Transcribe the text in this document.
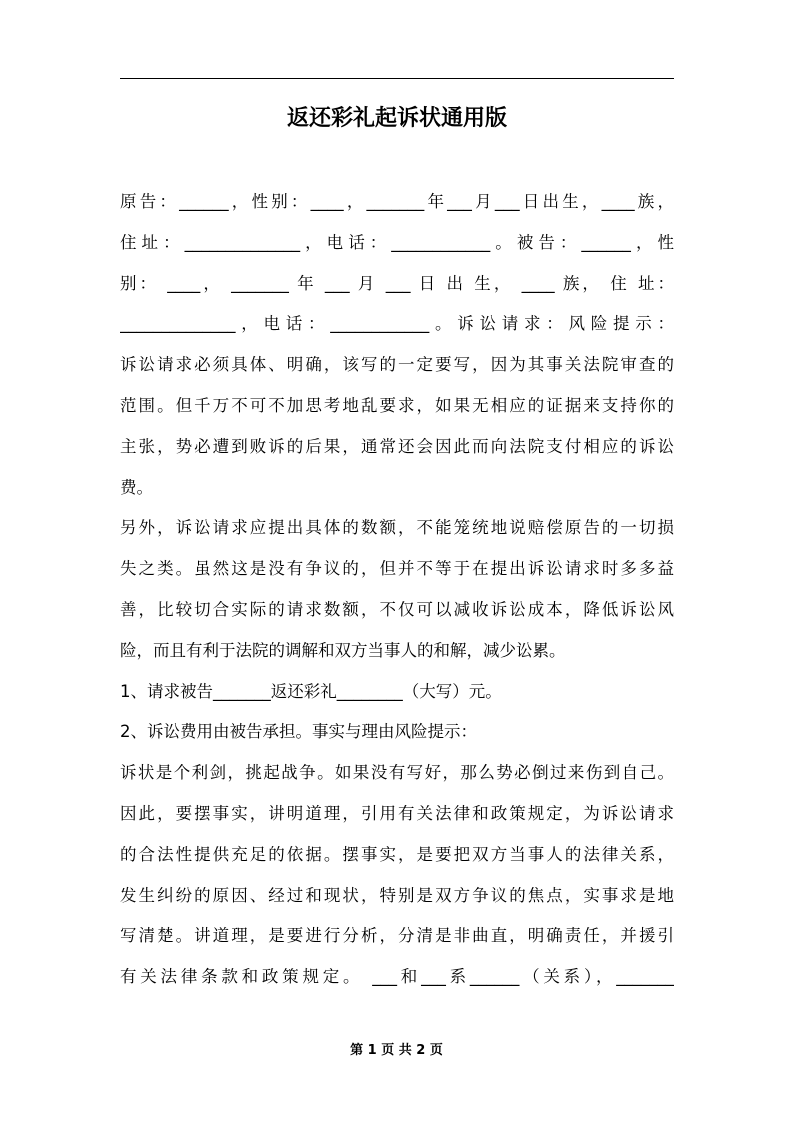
返还彩礼起诉状通用版
原告：______，性别：____，_______年___月___日出生，____族，
住址：______________，电话：____________。被告：______，性
别： ____， _______ 年 ___ 月 ___ 日 出 生， ____ 族， 住 址：
______________，电话：____________。诉讼请求：风险提示：
诉讼请求必须具体、明确，该写的一定要写，因为其事关法院审查的
范围。但千万不可不加思考地乱要求，如果无相应的证据来支持你的
主张，势必遭到败诉的后果，通常还会因此而向法院支付相应的诉讼
费。
另外，诉讼请求应提出具体的数额，不能笼统地说赔偿原告的一切损
失之类。虽然这是没有争议的，但并不等于在提出诉讼请求时多多益
善，比较切合实际的请求数额，不仅可以减收诉讼成本，降低诉讼风
险，而且有利于法院的调解和双方当事人的和解，减少讼累。
1、请求被告_______返还彩礼________（大写）元。
2、诉讼费用由被告承担。事实与理由风险提示：
诉状是个利剑，挑起战争。如果没有写好，那么势必倒过来伤到自己。
因此，要摆事实，讲明道理，引用有关法律和政策规定，为诉讼请求
的合法性提供充足的依据。摆事实，是要把双方当事人的法律关系，
发生纠纷的原因、经过和现状，特别是双方争议的焦点，实事求是地
写清楚。讲道理，是要进行分析，分清是非曲直，明确责任，并援引
有关法律条款和政策规定。 ___和___系______（关系），_______
第 1 页 共 2 页
